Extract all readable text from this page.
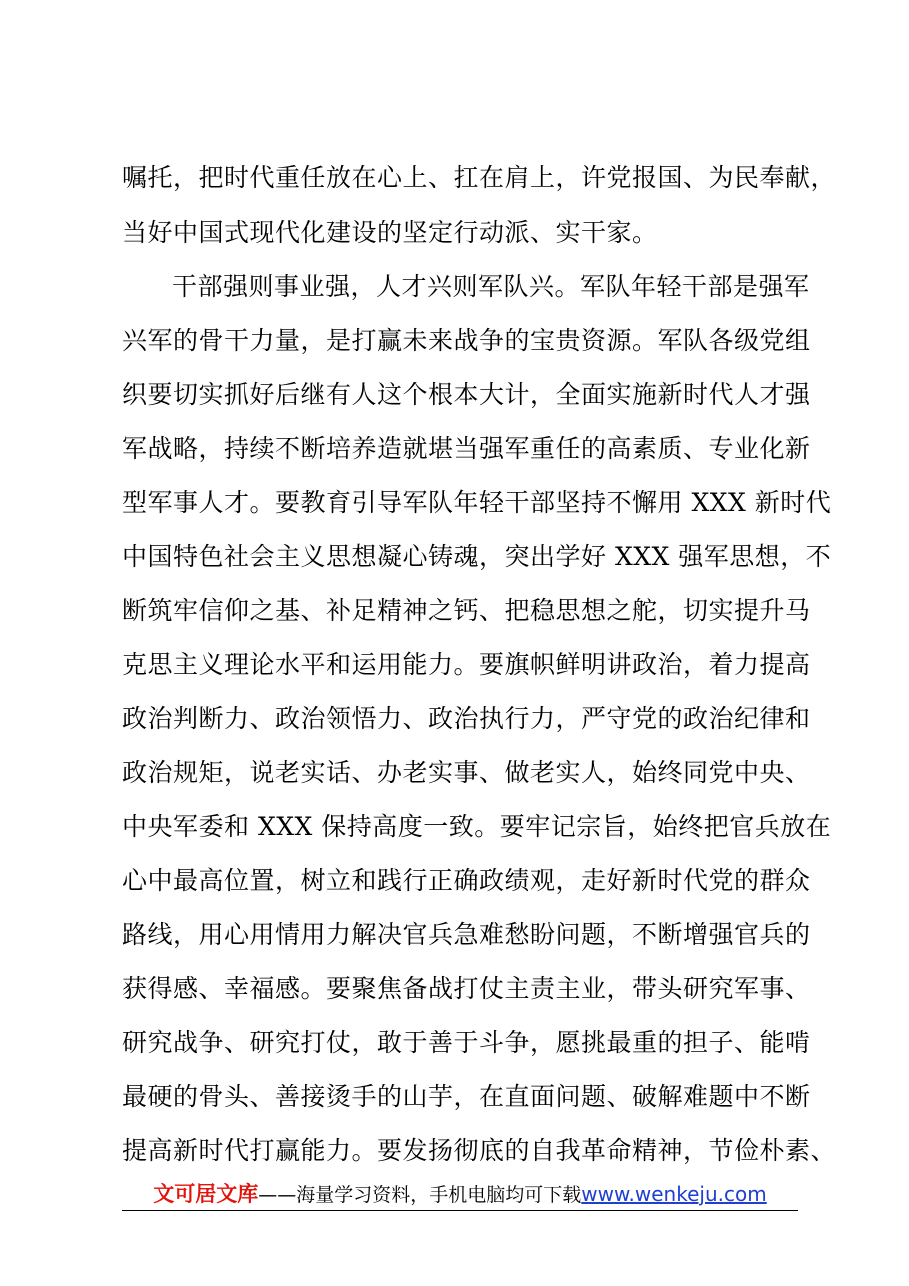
嘱托，把时代重任放在心上、扛在肩上，许党报国、为民奉献，
当好中国式现代化建设的坚定行动派、实干家。
干部强则事业强，人才兴则军队兴。军队年轻干部是强军
兴军的骨干力量，是打赢未来战争的宝贵资源。军队各级党组
织要切实抓好后继有人这个根本大计，全面实施新时代人才强
军战略，持续不断培养造就堪当强军重任的高素质、专业化新
型军事人才。要教育引导军队年轻干部坚持不懈用 XXX 新时代
中国特色社会主义思想凝心铸魂，突出学好 XXX 强军思想，不
断筑牢信仰之基、补足精神之钙、把稳思想之舵，切实提升马
克思主义理论水平和运用能力。要旗帜鲜明讲政治，着力提高
政治判断力、政治领悟力、政治执行力，严守党的政治纪律和
政治规矩，说老实话、办老实事、做老实人，始终同党中央、
中央军委和 XXX 保持高度一致。要牢记宗旨，始终把官兵放在
心中最高位置，树立和践行正确政绩观，走好新时代党的群众
路线，用心用情用力解决官兵急难愁盼问题，不断增强官兵的
获得感、幸福感。要聚焦备战打仗主责主业，带头研究军事、
研究战争、研究打仗，敢于善于斗争，愿挑最重的担子、能啃
最硬的骨头、善接烫手的山芋，在直面问题、破解难题中不断
提高新时代打赢能力。要发扬彻底的自我革命精神，节俭朴素、
文可居文库——海量学习资料，手机电脑均可下载www.wenkeju.com
